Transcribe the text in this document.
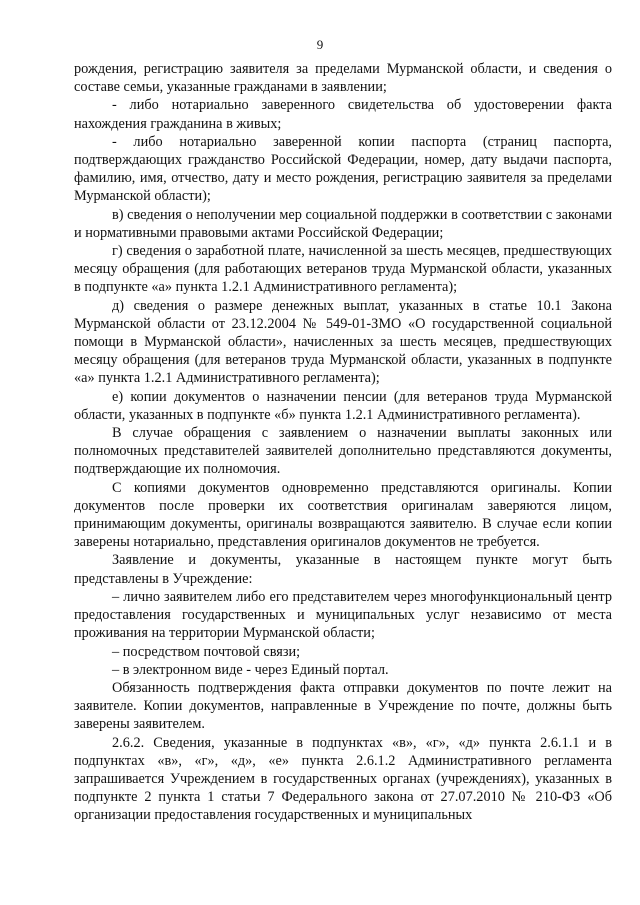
9

рождения, регистрацию заявителя за пределами Мурманской области, и сведения о составе семьи, указанные гражданами в заявлении;

- либо нотариально заверенного свидетельства об удостоверении факта нахождения гражданина в живых;

- либо нотариально заверенной копии паспорта (страниц паспорта, подтверждающих гражданство Российской Федерации, номер, дату выдачи паспорта, фамилию, имя, отчество, дату и место рождения, регистрацию заявителя за пределами Мурманской области);

в) сведения о неполучении мер социальной поддержки в соответствии с законами и нормативными правовыми актами Российской Федерации;

г) сведения о заработной плате, начисленной за шесть месяцев, предшествующих месяцу обращения (для работающих ветеранов труда Мурманской области, указанных в подпункте «а» пункта 1.2.1 Административного регламента);

д) сведения о размере денежных выплат, указанных в статье 10.1 Закона Мурманской области от 23.12.2004 № 549-01-ЗМО «О государственной социальной помощи в Мурманской области», начисленных за шесть месяцев, предшествующих месяцу обращения (для ветеранов труда Мурманской области, указанных в подпункте «а» пункта 1.2.1 Административного регламента);

е) копии документов о назначении пенсии (для ветеранов труда Мурманской области, указанных в подпункте «б» пункта 1.2.1 Административного регламента).

В случае обращения с заявлением о назначении выплаты законных или полномочных представителей заявителей дополнительно представляются документы, подтверждающие их полномочия.

С копиями документов одновременно представляются оригиналы. Копии документов после проверки их соответствия оригиналам заверяются лицом, принимающим документы, оригиналы возвращаются заявителю. В случае если копии заверены нотариально, представления оригиналов документов не требуется.

Заявление и документы, указанные в настоящем пункте могут быть представлены в Учреждение:

– лично заявителем либо его представителем через многофункциональный центр предоставления государственных и муниципальных услуг независимо от места проживания на территории Мурманской области;

– посредством почтовой связи;

– в электронном виде - через Единый портал.

Обязанность подтверждения факта отправки документов по почте лежит на заявителе. Копии документов, направленные в Учреждение по почте, должны быть заверены заявителем.

2.6.2. Сведения, указанные в подпунктах «в», «г», «д» пункта 2.6.1.1 и в подпунктах «в», «г», «д», «е» пункта 2.6.1.2 Административного регламента запрашивается Учреждением в государственных органах (учреждениях), указанных в подпункте 2 пункта 1 статьи 7 Федерального закона от 27.07.2010 № 210-ФЗ «Об организации предоставления государственных и муниципальных
